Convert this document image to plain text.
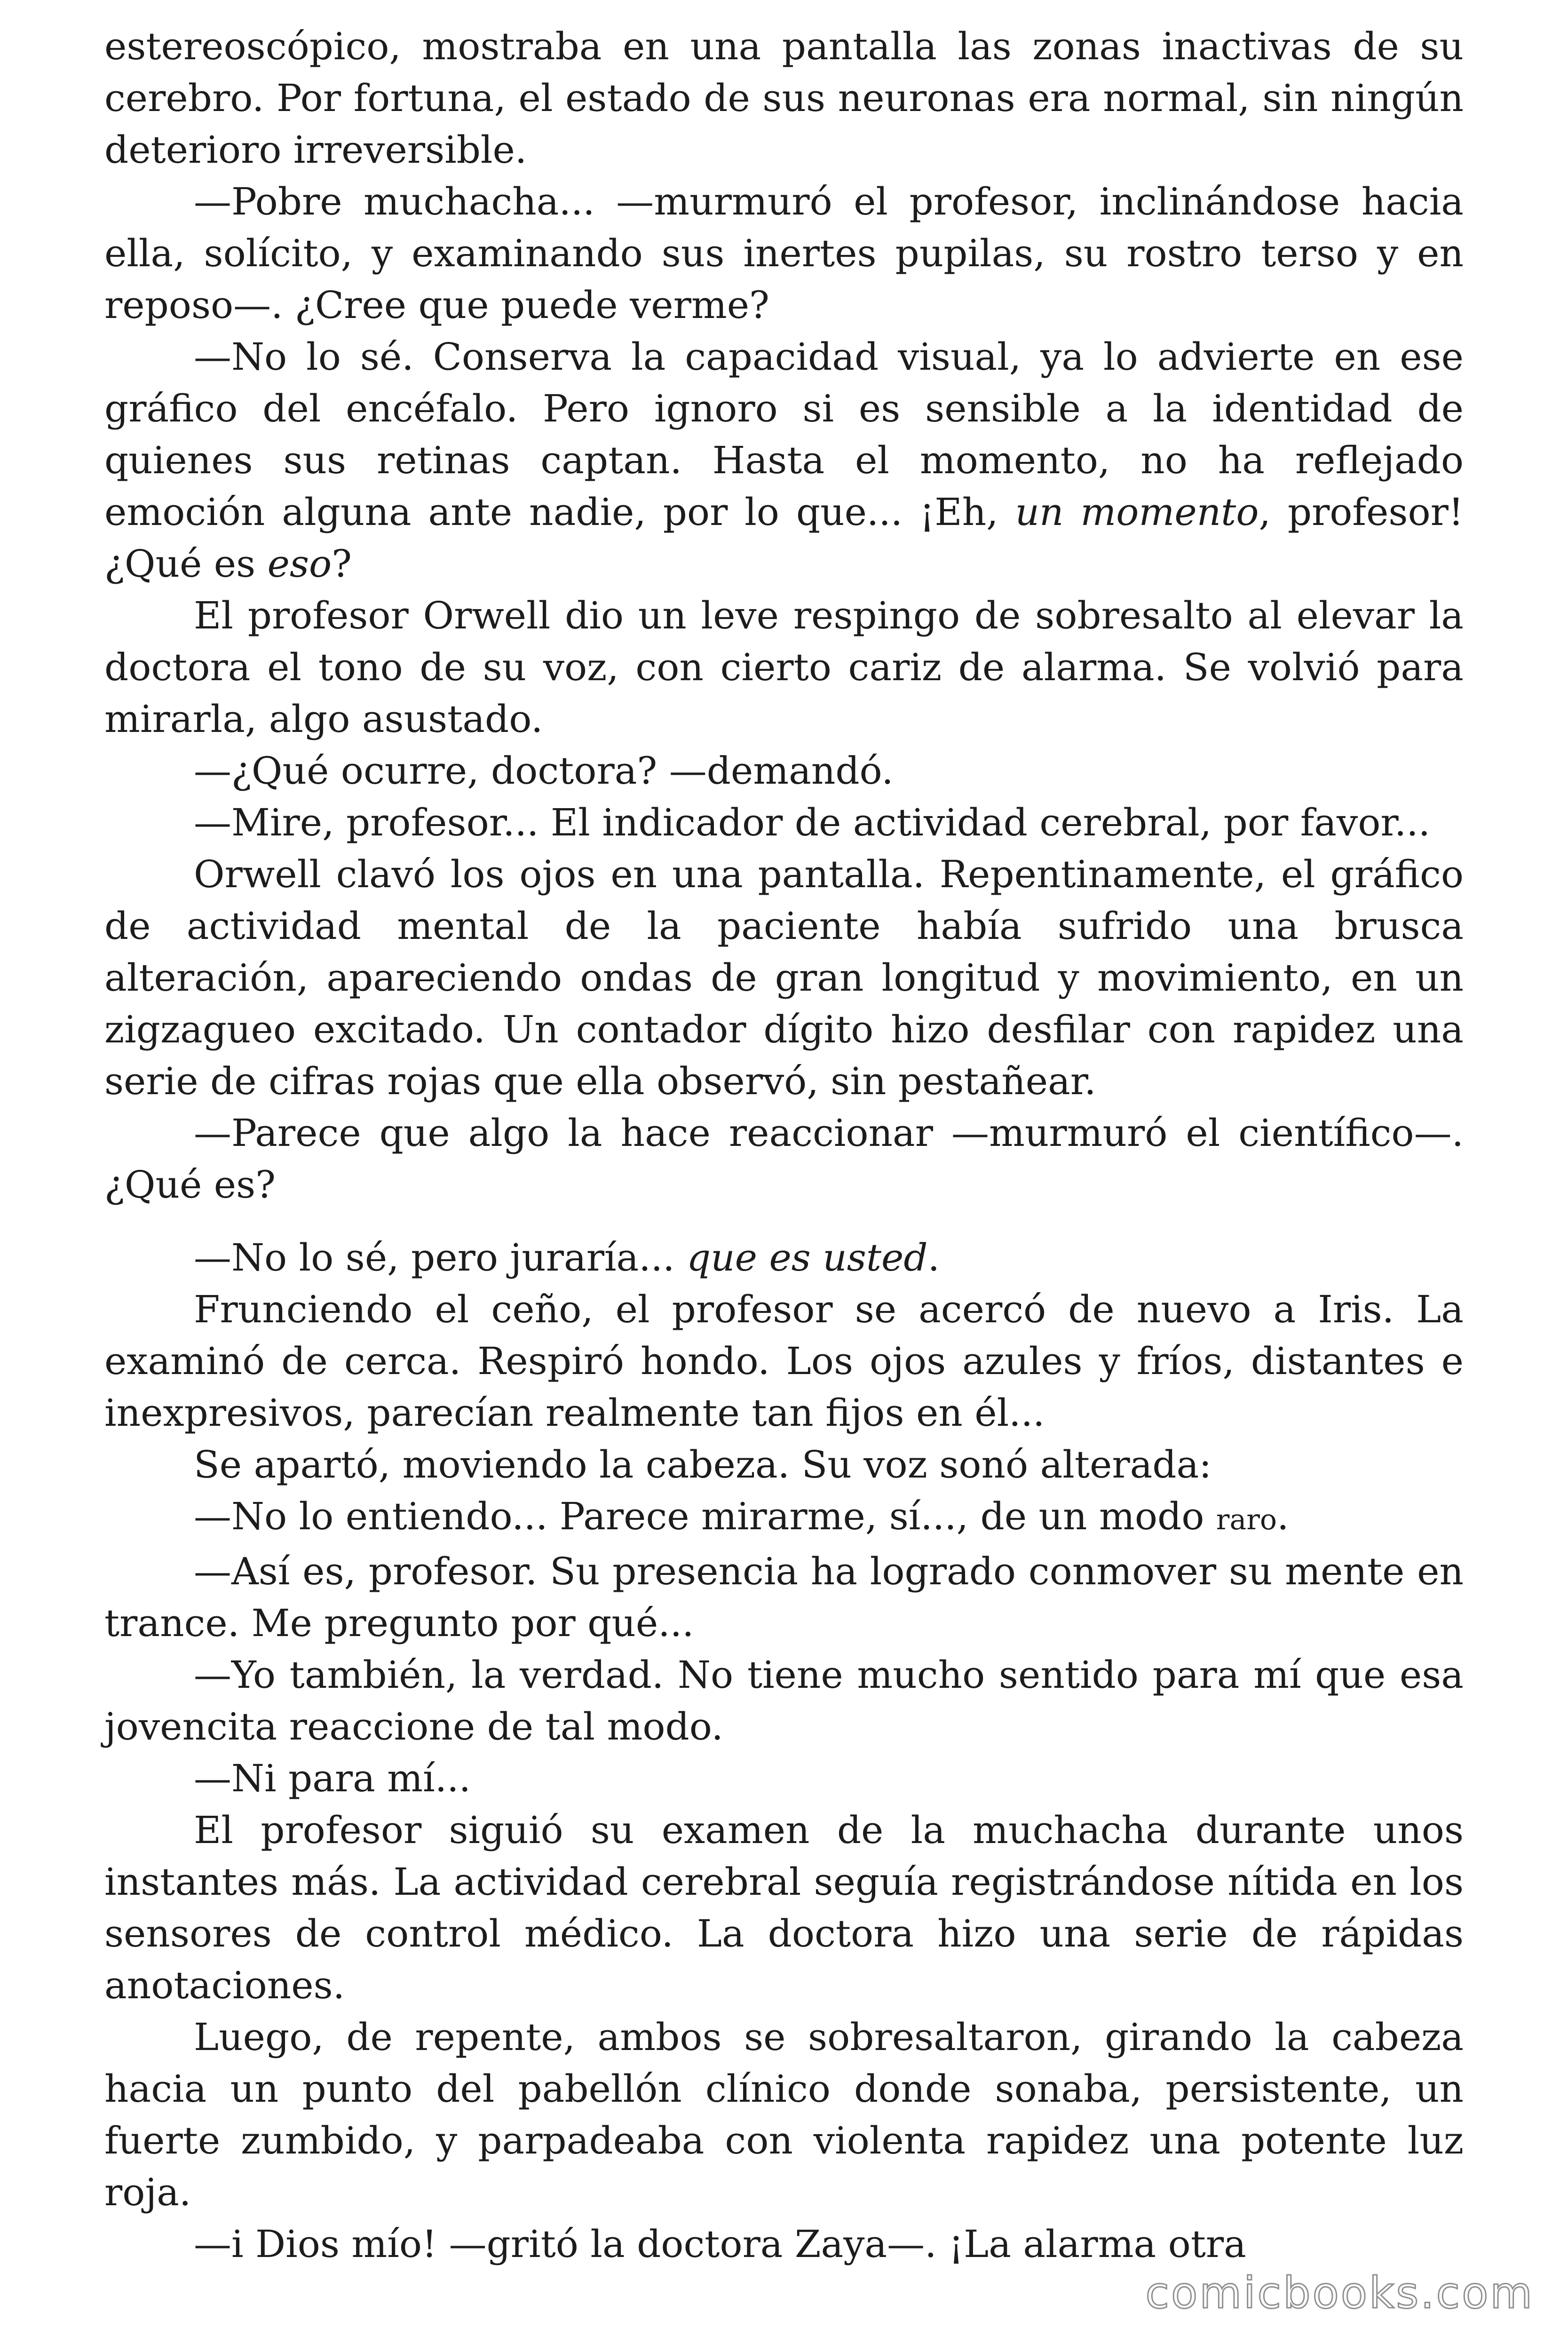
estereoscópico, mostraba en una pantalla las zonas inactivas de su cerebro. Por fortuna, el estado de sus neuronas era normal, sin ningún deterioro irreversible.

—Pobre muchacha... —murmuró el profesor, inclinándose hacia ella, solícito, y examinando sus inertes pupilas, su rostro terso y en reposo—. ¿Cree que puede verme?

—No lo sé. Conserva la capacidad visual, ya lo advierte en ese gráfico del encéfalo. Pero ignoro si es sensible a la identidad de quienes sus retinas captan. Hasta el momento, no ha reflejado emoción alguna ante nadie, por lo que... ¡Eh, un momento, profesor! ¿Qué es eso?

El profesor Orwell dio un leve respingo de sobresalto al elevar la doctora el tono de su voz, con cierto cariz de alarma. Se volvió para mirarla, algo asustado.

—¿Qué ocurre, doctora? —demandó.

—Mire, profesor... El indicador de actividad cerebral, por favor...

Orwell clavó los ojos en una pantalla. Repentinamente, el gráfico de actividad mental de la paciente había sufrido una brusca alteración, apareciendo ondas de gran longitud y movimiento, en un zigzagueo excitado. Un contador dígito hizo desfilar con rapidez una serie de cifras rojas que ella observó, sin pestañear.

—Parece que algo la hace reaccionar —murmuró el científico—. ¿Qué es?

—No lo sé, pero juraría... que es usted.

Frunciendo el ceño, el profesor se acercó de nuevo a Iris. La examinó de cerca. Respiró hondo. Los ojos azules y fríos, distantes e inexpresivos, parecían realmente tan fijos en él...

Se apartó, moviendo la cabeza. Su voz sonó alterada:

—No lo entiendo... Parece mirarme, sí..., de un modo raro.

—Así es, profesor. Su presencia ha logrado conmover su mente en trance. Me pregunto por qué...

—Yo también, la verdad. No tiene mucho sentido para mí que esa jovencita reaccione de tal modo.

—Ni para mí...

El profesor siguió su examen de la muchacha durante unos instantes más. La actividad cerebral seguía registrándose nítida en los sensores de control médico. La doctora hizo una serie de rápidas anotaciones.

Luego, de repente, ambos se sobresaltaron, girando la cabeza hacia un punto del pabellón clínico donde sonaba, persistente, un fuerte zumbido, y parpadeaba con violenta rapidez una potente luz roja.

—i Dios mío! —gritó la doctora Zaya—. ¡La alarma otra

comicbooks.com
